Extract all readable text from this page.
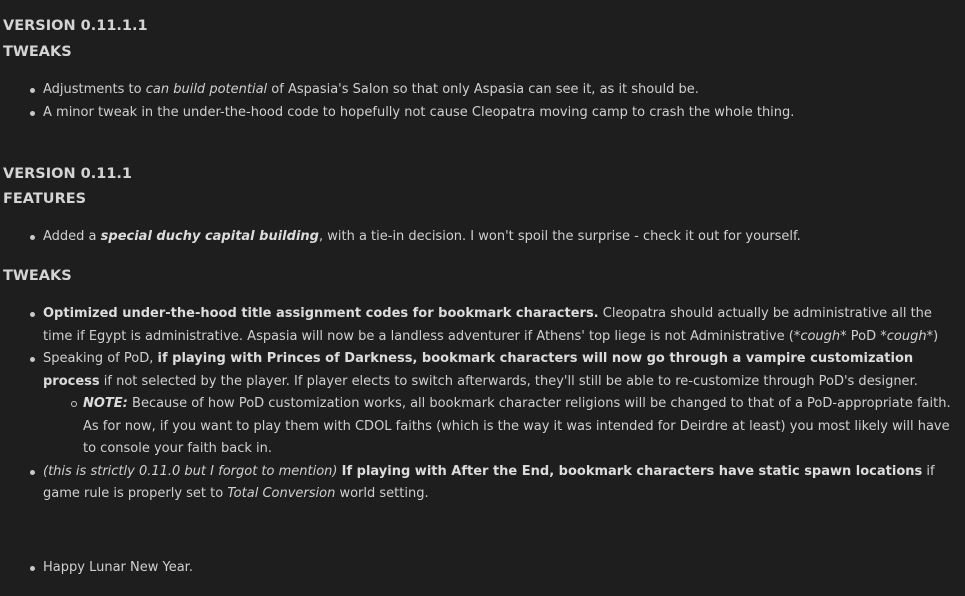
VERSION 0.11.1.1
TWEAKS
Adjustments to can build potential of Aspasia's Salon so that only Aspasia can see it, as it should be.
A minor tweak in the under-the-hood code to hopefully not cause Cleopatra moving camp to crash the whole thing.
VERSION 0.11.1
FEATURES
Added a special duchy capital building, with a tie-in decision. I won't spoil the surprise - check it out for yourself.
TWEAKS
Optimized under-the-hood title assignment codes for bookmark characters. Cleopatra should actually be administrative all the time if Egypt is administrative. Aspasia will now be a landless adventurer if Athens' top liege is not Administrative (*cough* PoD *cough*)
Speaking of PoD, if playing with Princes of Darkness, bookmark characters will now go through a vampire customization process if not selected by the player. If player elects to switch afterwards, they'll still be able to re-customize through PoD's designer.
NOTE: Because of how PoD customization works, all bookmark character religions will be changed to that of a PoD-appropriate faith. As for now, if you want to play them with CDOL faiths (which is the way it was intended for Deirdre at least) you most likely will have to console your faith back in.
(this is strictly 0.11.0 but I forgot to mention) If playing with After the End, bookmark characters have static spawn locations if game rule is properly set to Total Conversion world setting.
Happy Lunar New Year.
